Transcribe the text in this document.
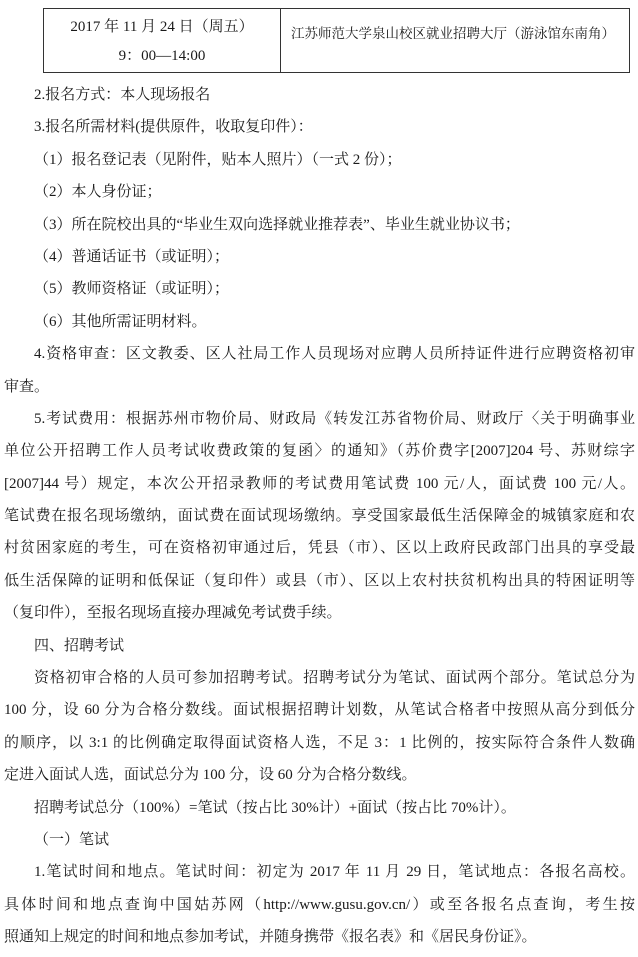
2017 年 11 月 24 日（周五）
9：00—14:00
江苏师范大学泉山校区就业招聘大厅（游泳馆东南角）
2.报名方式：本人现场报名
3.报名所需材料(提供原件，收取复印件）：
（1）报名登记表（见附件，贴本人照片）（一式 2 份）；
（2）本人身份证；
（3）所在院校出具的“毕业生双向选择就业推荐表”、毕业生就业协议书；
（4）普通话证书（或证明）；
（5）教师资格证（或证明）；
（6）其他所需证明材料。
4.资格审查：区文教委、区人社局工作人员现场对应聘人员所持证件进行应聘资格初审
审查。
5.考试费用：根据苏州市物价局、财政局《转发江苏省物价局、财政厅〈关于明确事业
单位公开招聘工作人员考试收费政策的复函〉的通知》（苏价费字[2007]204 号、苏财综字
[2007]44 号）规定，本次公开招录教师的考试费用笔试费 100 元/人，面试费 100 元/人。
笔试费在报名现场缴纳，面试费在面试现场缴纳。享受国家最低生活保障金的城镇家庭和农
村贫困家庭的考生，可在资格初审通过后，凭县（市）、区以上政府民政部门出具的享受最
低生活保障的证明和低保证（复印件）或县（市）、区以上农村扶贫机构出具的特困证明等
（复印件），至报名现场直接办理减免考试费手续。
四、招聘考试
资格初审合格的人员可参加招聘考试。招聘考试分为笔试、面试两个部分。笔试总分为
100 分，设 60 分为合格分数线。面试根据招聘计划数，从笔试合格者中按照从高分到低分
的顺序，以 3:1 的比例确定取得面试资格人选，不足 3：1 比例的，按实际符合条件人数确
定进入面试人选，面试总分为 100 分，设 60 分为合格分数线。
招聘考试总分（100%）=笔试（按占比 30%计）+面试（按占比 70%计）。
（一）笔试
1.笔试时间和地点。笔试时间：初定为 2017 年 11 月 29 日，笔试地点：各报名高校。
具体时间和地点查询中国姑苏网（http://www.gusu.gov.cn/）或至各报名点查询，考生按
照通知上规定的时间和地点参加考试，并随身携带《报名表》和《居民身份证》。
